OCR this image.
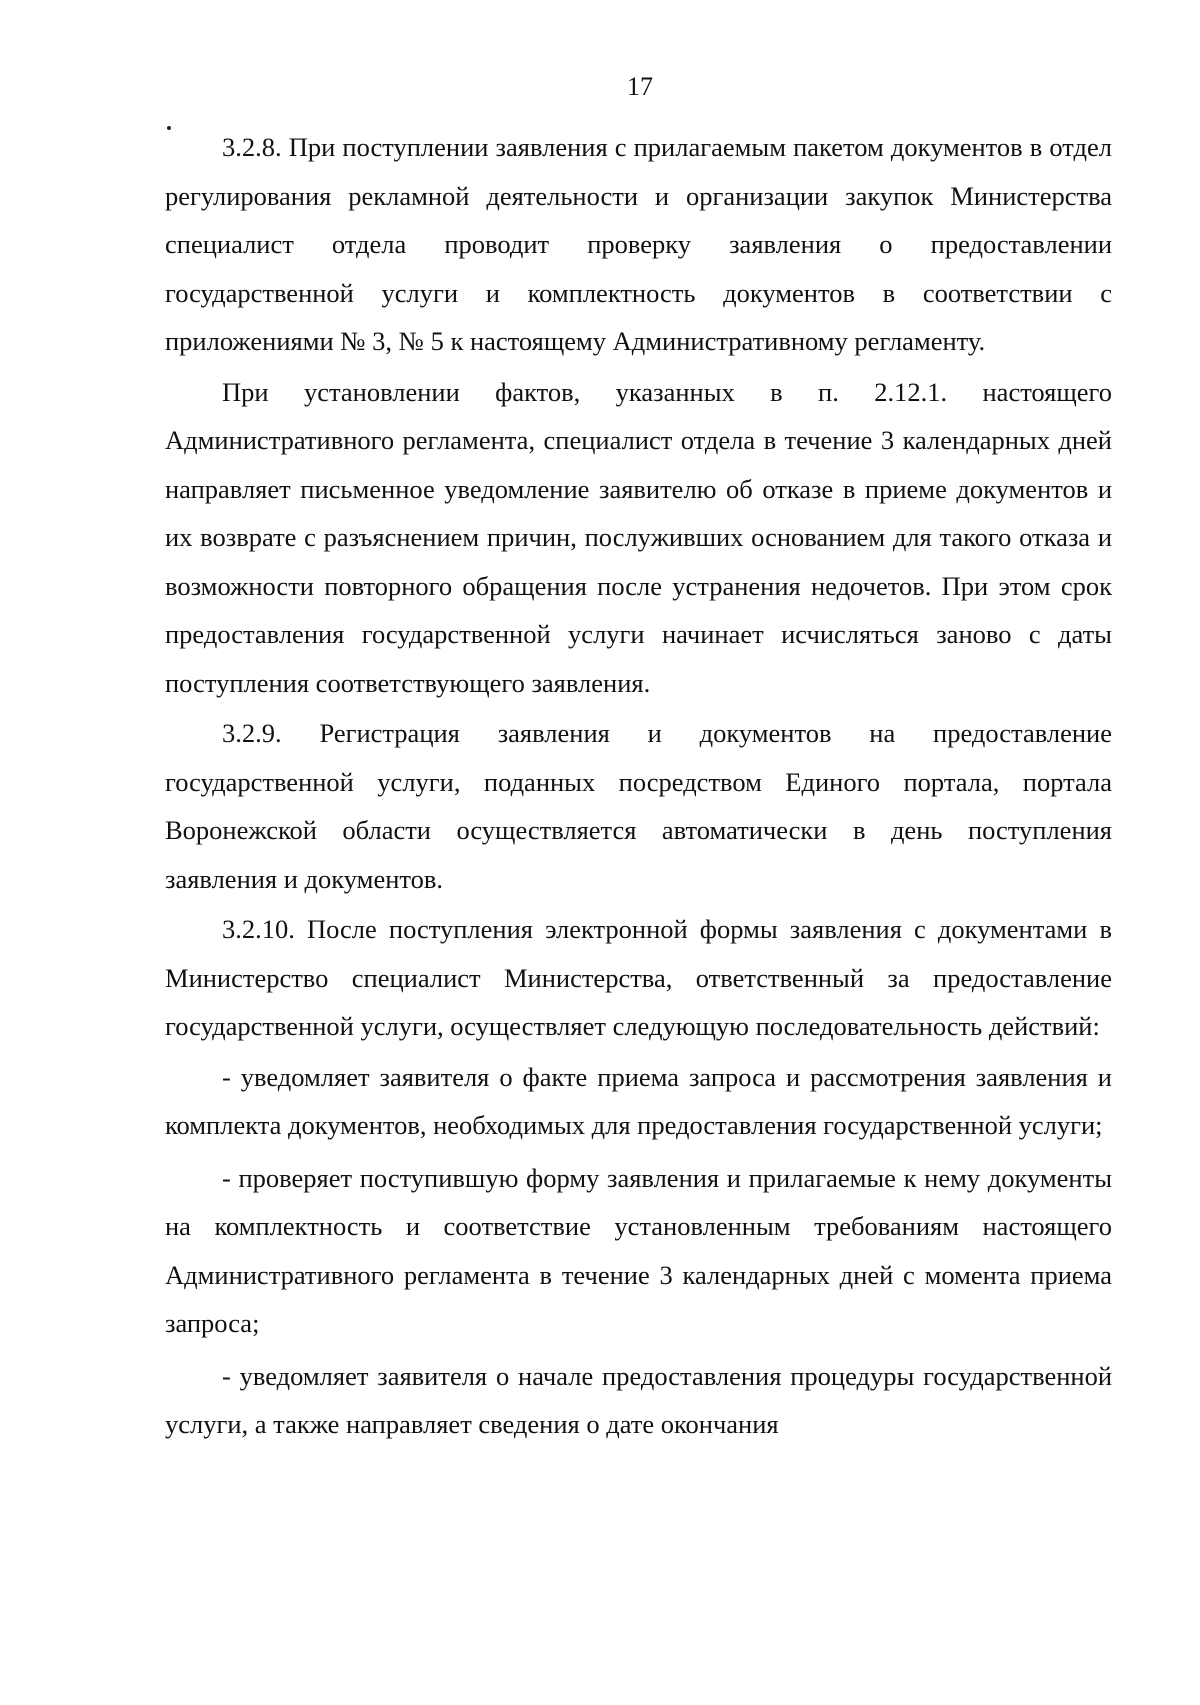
17

3.2.8. При поступлении заявления с прилагаемым пакетом документов в отдел регулирования рекламной деятельности и организации закупок Министерства специалист отдела проводит проверку заявления о предоставлении государственной услуги и комплектность документов в соответствии с приложениями № 3, № 5 к настоящему Административному регламенту.

При установлении фактов, указанных в п. 2.12.1. настоящего Административного регламента, специалист отдела в течение 3 календарных дней направляет письменное уведомление заявителю об отказе в приеме документов и их возврате с разъяснением причин, послуживших основанием для такого отказа и возможности повторного обращения после устранения недочетов. При этом срок предоставления государственной услуги начинает исчисляться заново с даты поступления соответствующего заявления.

3.2.9. Регистрация заявления и документов на предоставление государственной услуги, поданных посредством Единого портала, портала Воронежской области осуществляется автоматически в день поступления заявления и документов.

3.2.10. После поступления электронной формы заявления с документами в Министерство специалист Министерства, ответственный за предоставление государственной услуги, осуществляет следующую последовательность действий:

- уведомляет заявителя о факте приема запроса и рассмотрения заявления и комплекта документов, необходимых для предоставления государственной услуги;

- проверяет поступившую форму заявления и прилагаемые к нему документы на комплектность и соответствие установленным требованиям настоящего Административного регламента в течение 3 календарных дней с момента приема запроса;

- уведомляет заявителя о начале предоставления процедуры государственной услуги, а также направляет сведения о дате окончания
